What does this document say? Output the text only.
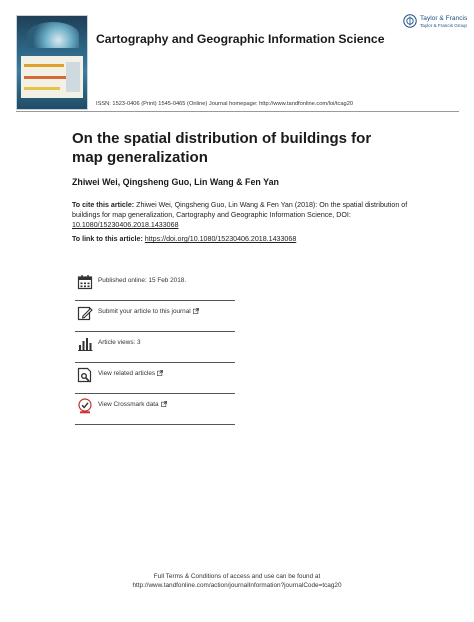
Cartography and Geographic Information Science
Taylor & Francis
Taylor & Francis Group
ISSN: 1523-0406 (Print) 1545-0465 (Online) Journal homepage: http://www.tandfonline.com/loi/tcag20
On the spatial distribution of buildings for map generalization
Zhiwei Wei, Qingsheng Guo, Lin Wang & Fen Yan
To cite this article: Zhiwei Wei, Qingsheng Guo, Lin Wang & Fen Yan (2018): On the spatial distribution of buildings for map generalization, Cartography and Geographic Information Science, DOI: 10.1080/15230406.2018.1433068
To link to this article: https://doi.org/10.1080/15230406.2018.1433068
Published online: 15 Feb 2018.
Submit your article to this journal
Article views: 3
View related articles
View Crossmark data
Full Terms & Conditions of access and use can be found at
http://www.tandfonline.com/action/journalInformation?journalCode=tcag20
